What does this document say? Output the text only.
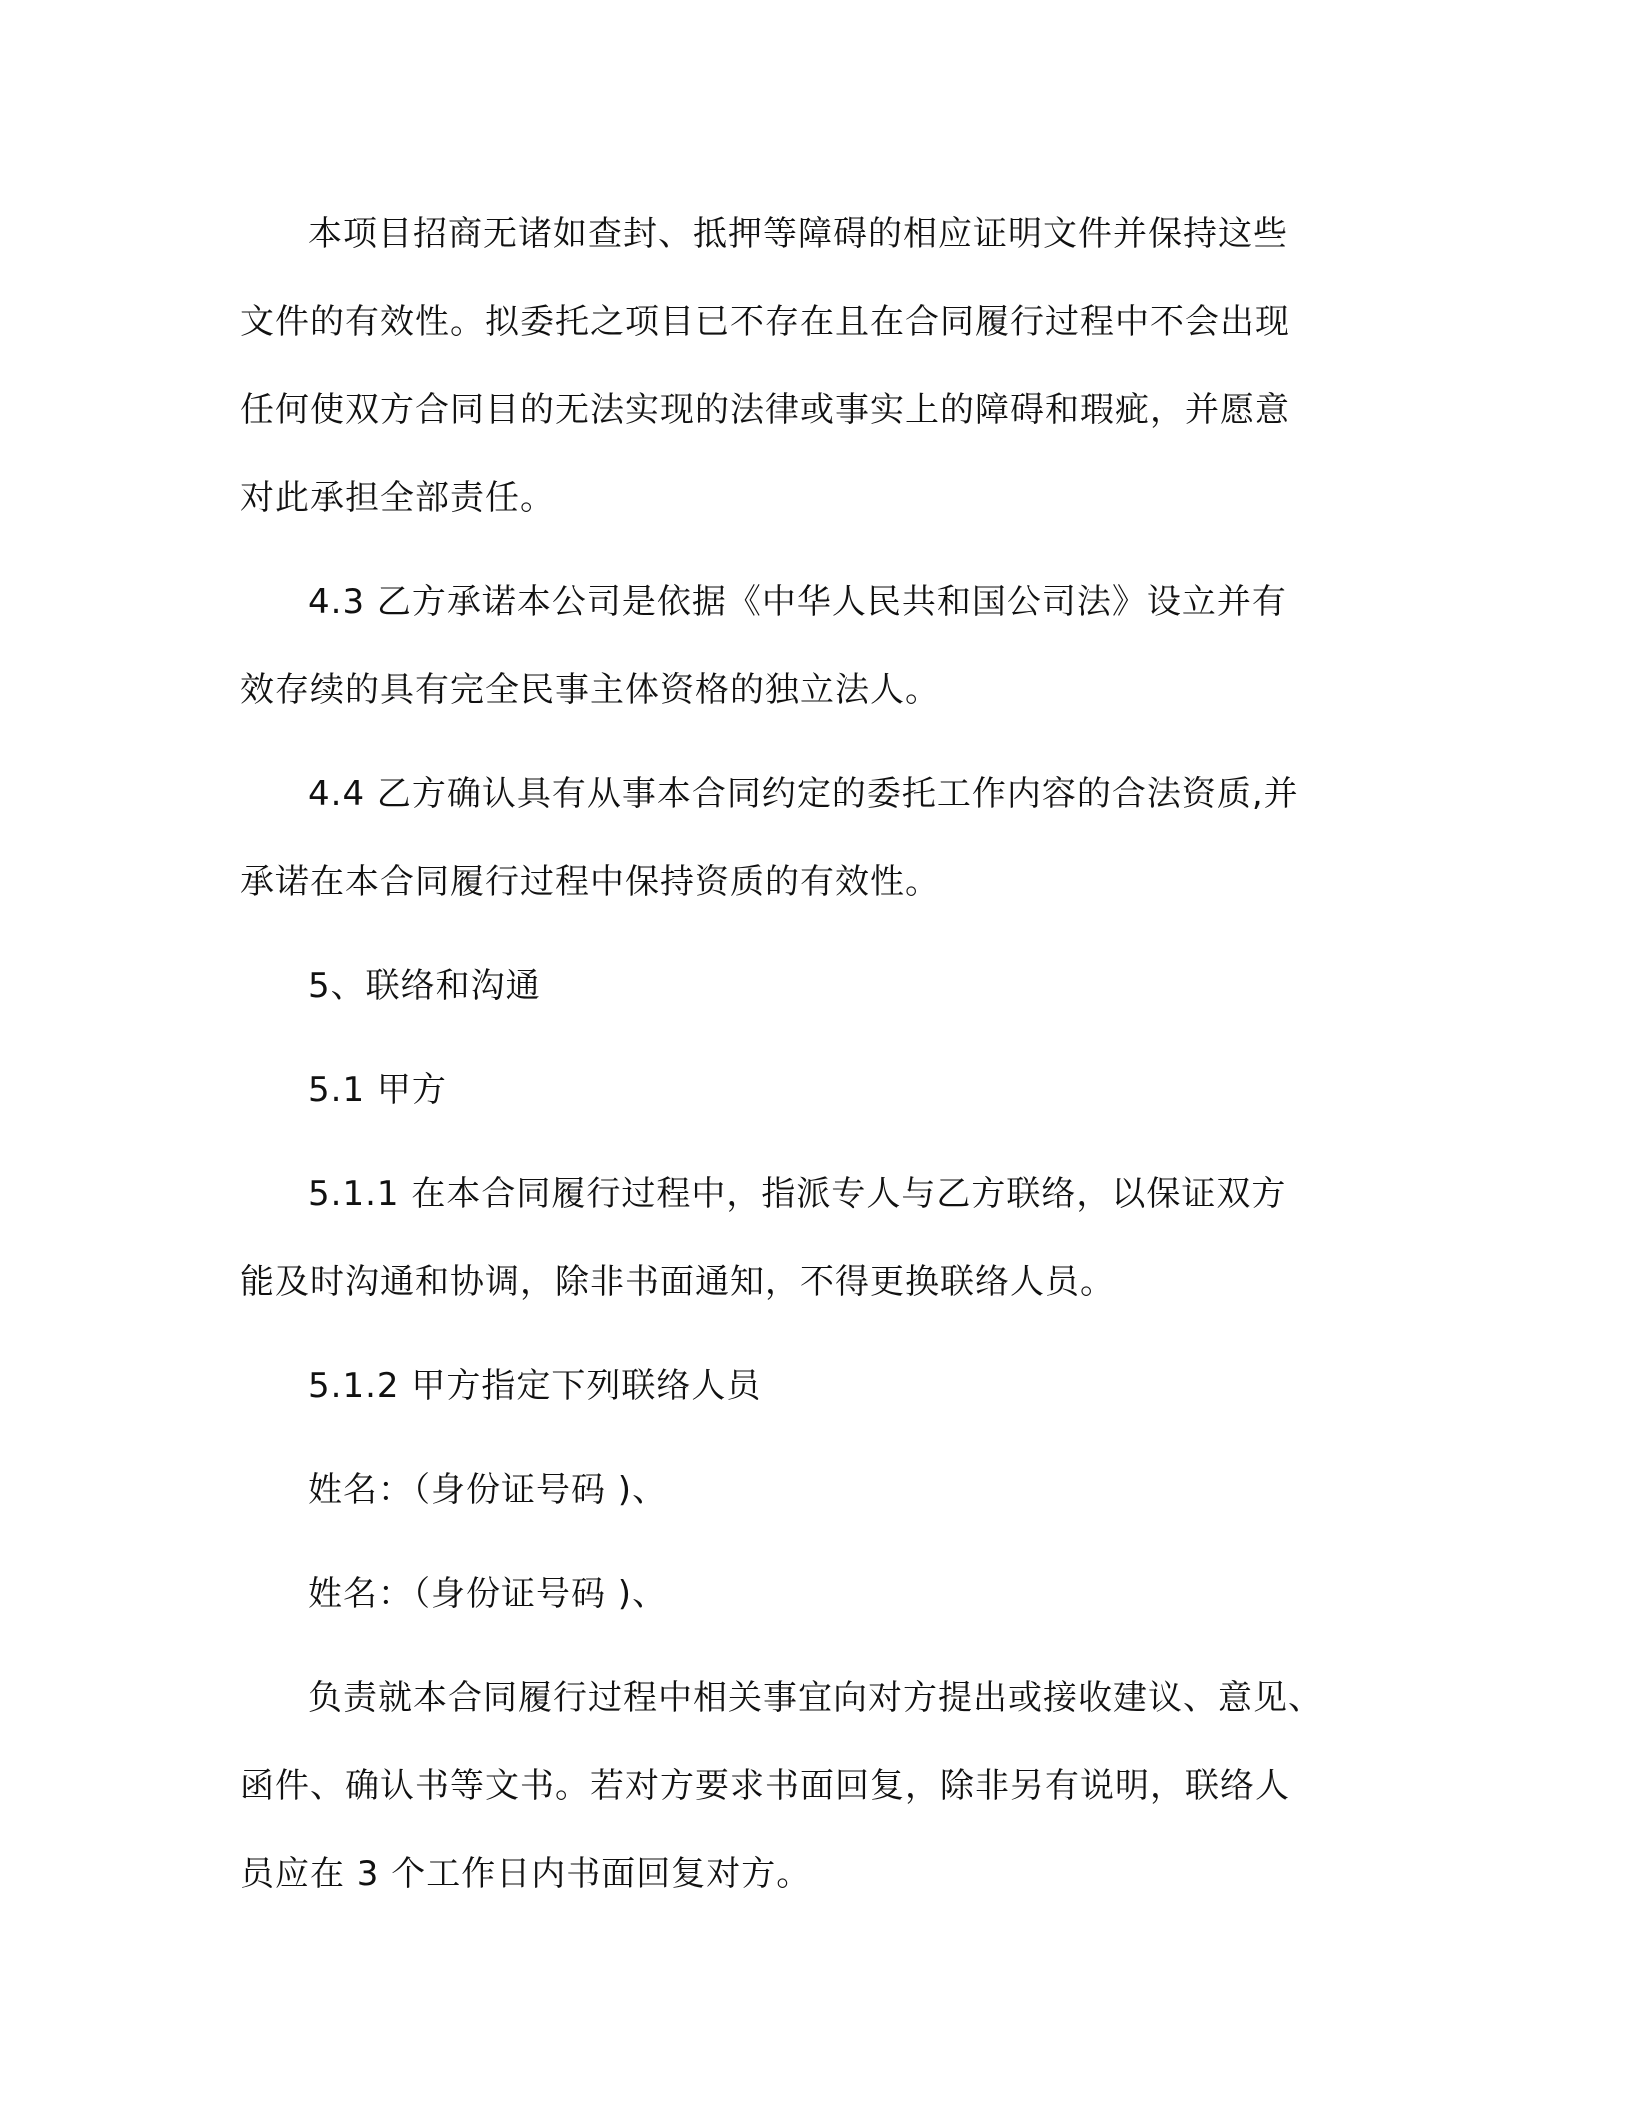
本项目招商无诸如查封、抵押等障碍的相应证明文件并保持这些
文件的有效性。拟委托之项目已不存在且在合同履行过程中不会出现
任何使双方合同目的无法实现的法律或事实上的障碍和瑕疵，并愿意
对此承担全部责任。

4.3 乙方承诺本公司是依据《中华人民共和国公司法》设立并有
效存续的具有完全民事主体资格的独立法人。

4.4 乙方确认具有从事本合同约定的委托工作内容的合法资质,并
承诺在本合同履行过程中保持资质的有效性。

5、联络和沟通

5.1 甲方

5.1.1 在本合同履行过程中，指派专人与乙方联络，以保证双方
能及时沟通和协调，除非书面通知，不得更换联络人员。

5.1.2 甲方指定下列联络人员

姓名：（身份证号码 )、

姓名：（身份证号码 )、

负责就本合同履行过程中相关事宜向对方提出或接收建议、意见、
函件、确认书等文书。若对方要求书面回复，除非另有说明，联络人
员应在 3 个工作日内书面回复对方。
